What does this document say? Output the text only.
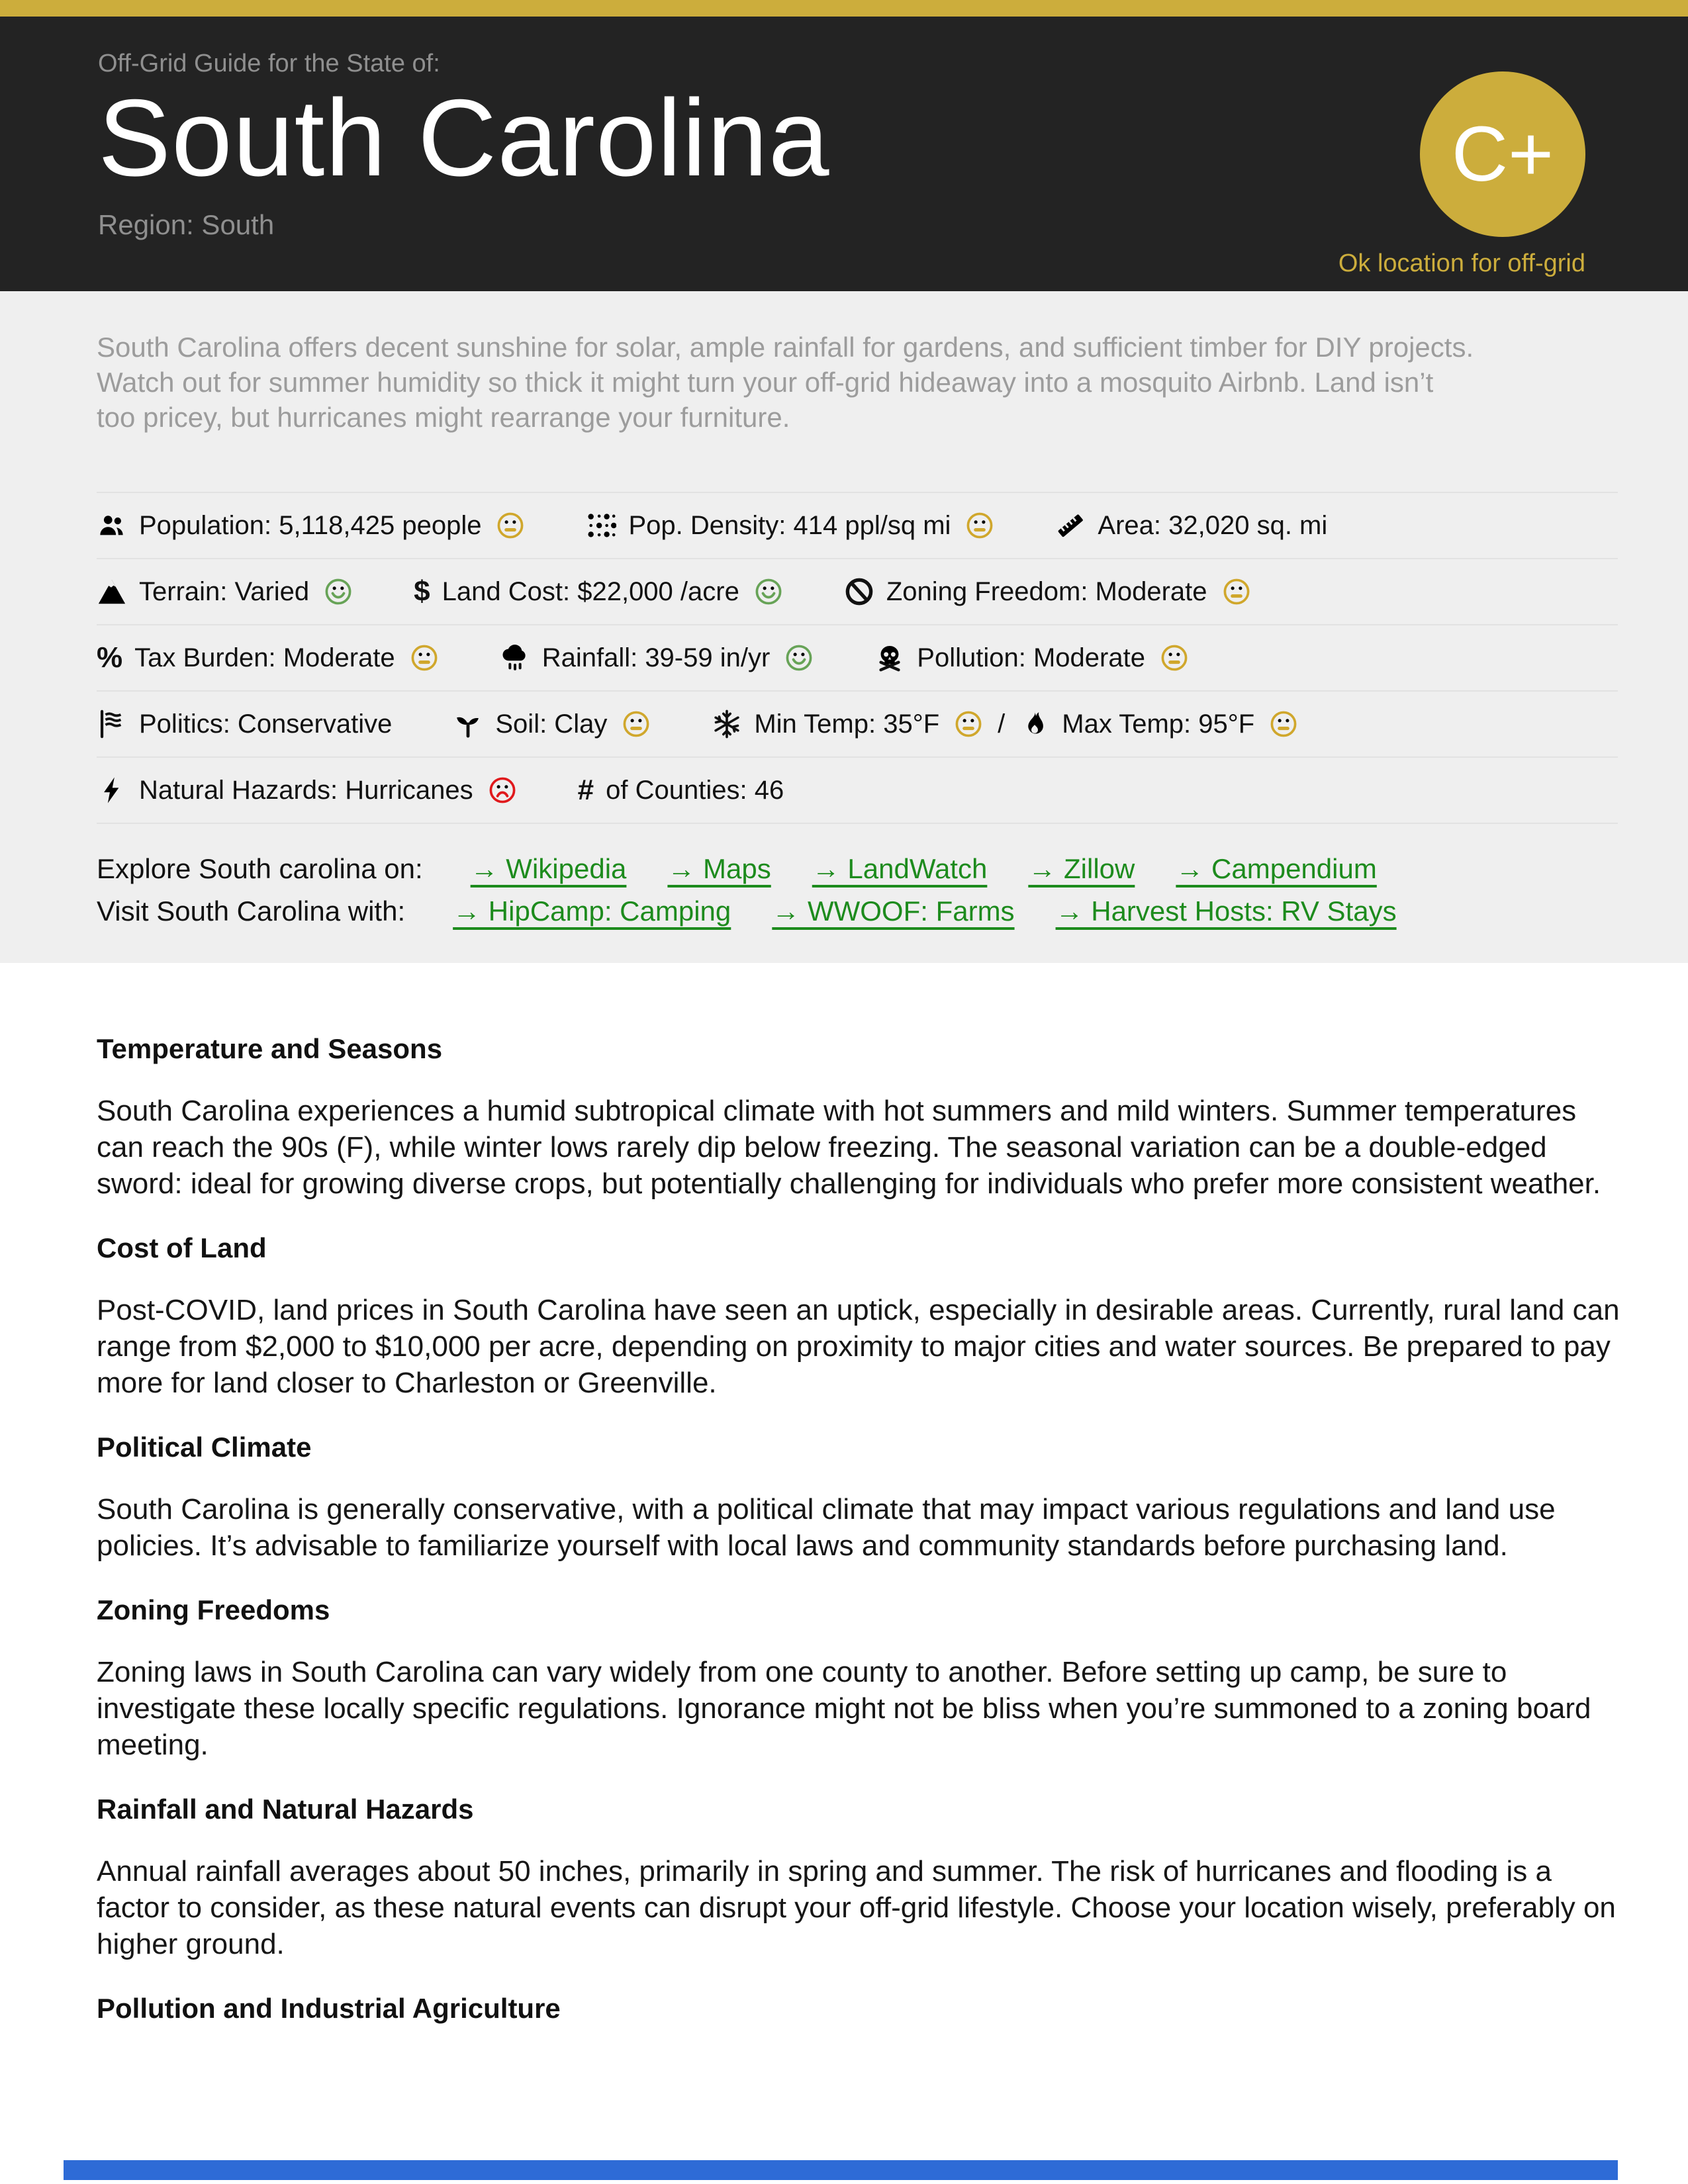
Off-Grid Guide for the State of:
South Carolina
Region: South
C+
Ok location for off-grid
South Carolina offers decent sunshine for solar, ample rainfall for gardens, and sufficient timber for DIY projects. Watch out for summer humidity so thick it might turn your off-grid hideaway into a mosquito Airbnb. Land isn’t too pricey, but hurricanes might rearrange your furniture.
Population: 5,118,425 people	Pop. Density: 414 ppl/sq mi	Area: 32,020 sq. mi
Terrain: Varied	$ Land Cost: $22,000 /acre	Zoning Freedom: Moderate
% Tax Burden: Moderate	Rainfall: 39-59 in/yr	Pollution: Moderate
Politics: Conservative	Soil: Clay	Min Temp: 35°F / Max Temp: 95°F
Natural Hazards: Hurricanes	# of Counties: 46
Explore South carolina on: → Wikipedia → Maps → LandWatch → Zillow → Campendium
Visit South Carolina with: → HipCamp: Camping → WWOOF: Farms → Harvest Hosts: RV Stays
Temperature and Seasons

South Carolina experiences a humid subtropical climate with hot summers and mild winters. Summer temperatures can reach the 90s (F), while winter lows rarely dip below freezing. The seasonal variation can be a double-edged sword: ideal for growing diverse crops, but potentially challenging for individuals who prefer more consistent weather.

Cost of Land

Post-COVID, land prices in South Carolina have seen an uptick, especially in desirable areas. Currently, rural land can range from $2,000 to $10,000 per acre, depending on proximity to major cities and water sources. Be prepared to pay more for land closer to Charleston or Greenville.

Political Climate

South Carolina is generally conservative, with a political climate that may impact various regulations and land use policies. It’s advisable to familiarize yourself with local laws and community standards before purchasing land.

Zoning Freedoms

Zoning laws in South Carolina can vary widely from one county to another. Before setting up camp, be sure to investigate these locally specific regulations. Ignorance might not be bliss when you’re summoned to a zoning board meeting.

Rainfall and Natural Hazards

Annual rainfall averages about 50 inches, primarily in spring and summer. The risk of hurricanes and flooding is a factor to consider, as these natural events can disrupt your off-grid lifestyle. Choose your location wisely, preferably on higher ground.

Pollution and Industrial Agriculture
